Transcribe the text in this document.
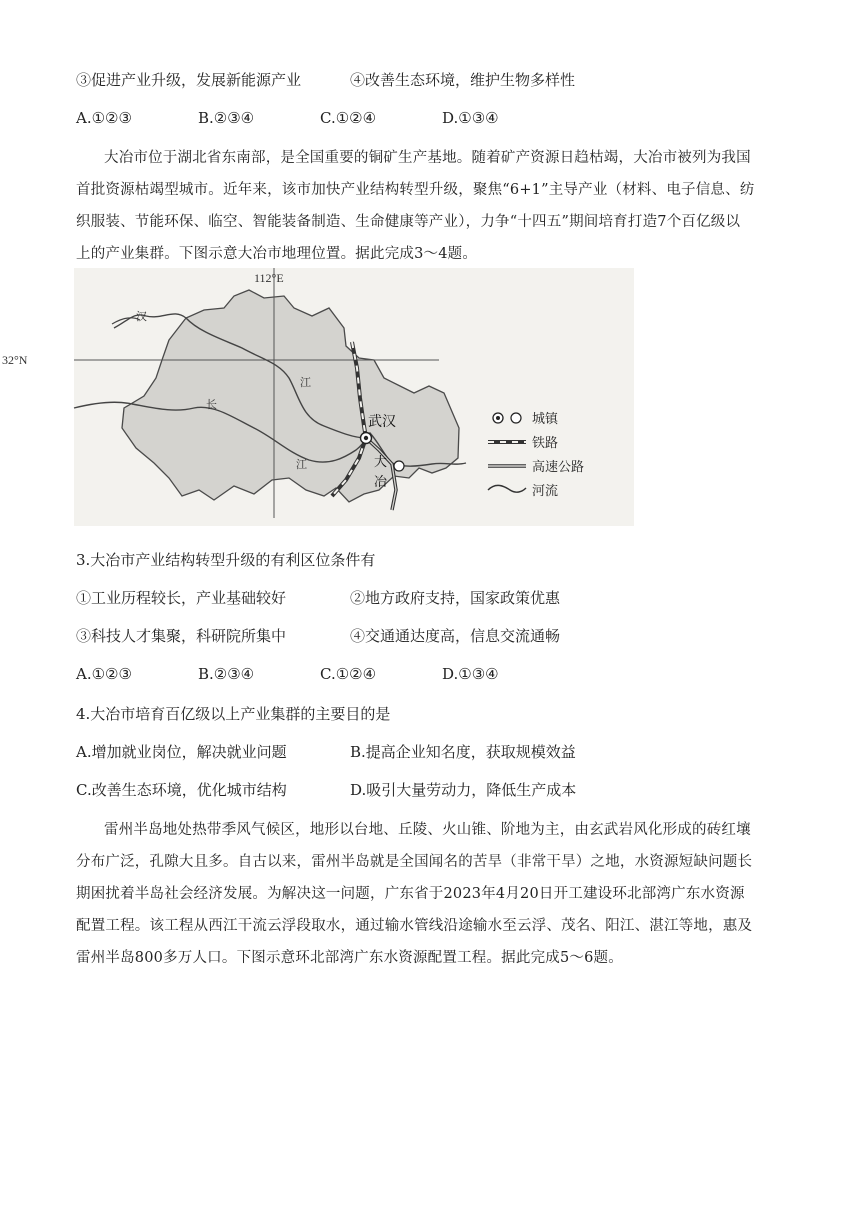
③促进产业升级，发展新能源产业	④改善生态环境，维护生物多样性
A.①②③	B.②③④	C.①②④	D.①③④
大冶市位于湖北省东南部，是全国重要的铜矿生产基地。随着矿产资源日趋枯竭，大冶市被列为我国
首批资源枯竭型城市。近年来，该市加快产业结构转型升级，聚焦“6+1”主导产业（材料、电子信息、纺
织服装、节能环保、临空、智能装备制造、生命健康等产业），力争“十四五”期间培育打造7个百亿级以
上的产业集群。下图示意大冶市地理位置。据此完成3～4题。
112°E
32°N
汉
江
长
江
武汉
大
冶
城镇
铁路
高速公路
河流
3.大冶市产业结构转型升级的有利区位条件有
①工业历程较长，产业基础较好	②地方政府支持，国家政策优惠
③科技人才集聚，科研院所集中	④交通通达度高，信息交流通畅
A.①②③	B.②③④	C.①②④	D.①③④
4.大冶市培育百亿级以上产业集群的主要目的是
A.增加就业岗位，解决就业问题	B.提高企业知名度，获取规模效益
C.改善生态环境，优化城市结构	D.吸引大量劳动力，降低生产成本
雷州半岛地处热带季风气候区，地形以台地、丘陵、火山锥、阶地为主，由玄武岩风化形成的砖红壤
分布广泛，孔隙大且多。自古以来，雷州半岛就是全国闻名的苦旱（非常干旱）之地，水资源短缺问题长
期困扰着半岛社会经济发展。为解决这一问题，广东省于2023年4月20日开工建设环北部湾广东水资源
配置工程。该工程从西江干流云浮段取水，通过输水管线沿途输水至云浮、茂名、阳江、湛江等地，惠及
雷州半岛800多万人口。下图示意环北部湾广东水资源配置工程。据此完成5～6题。
